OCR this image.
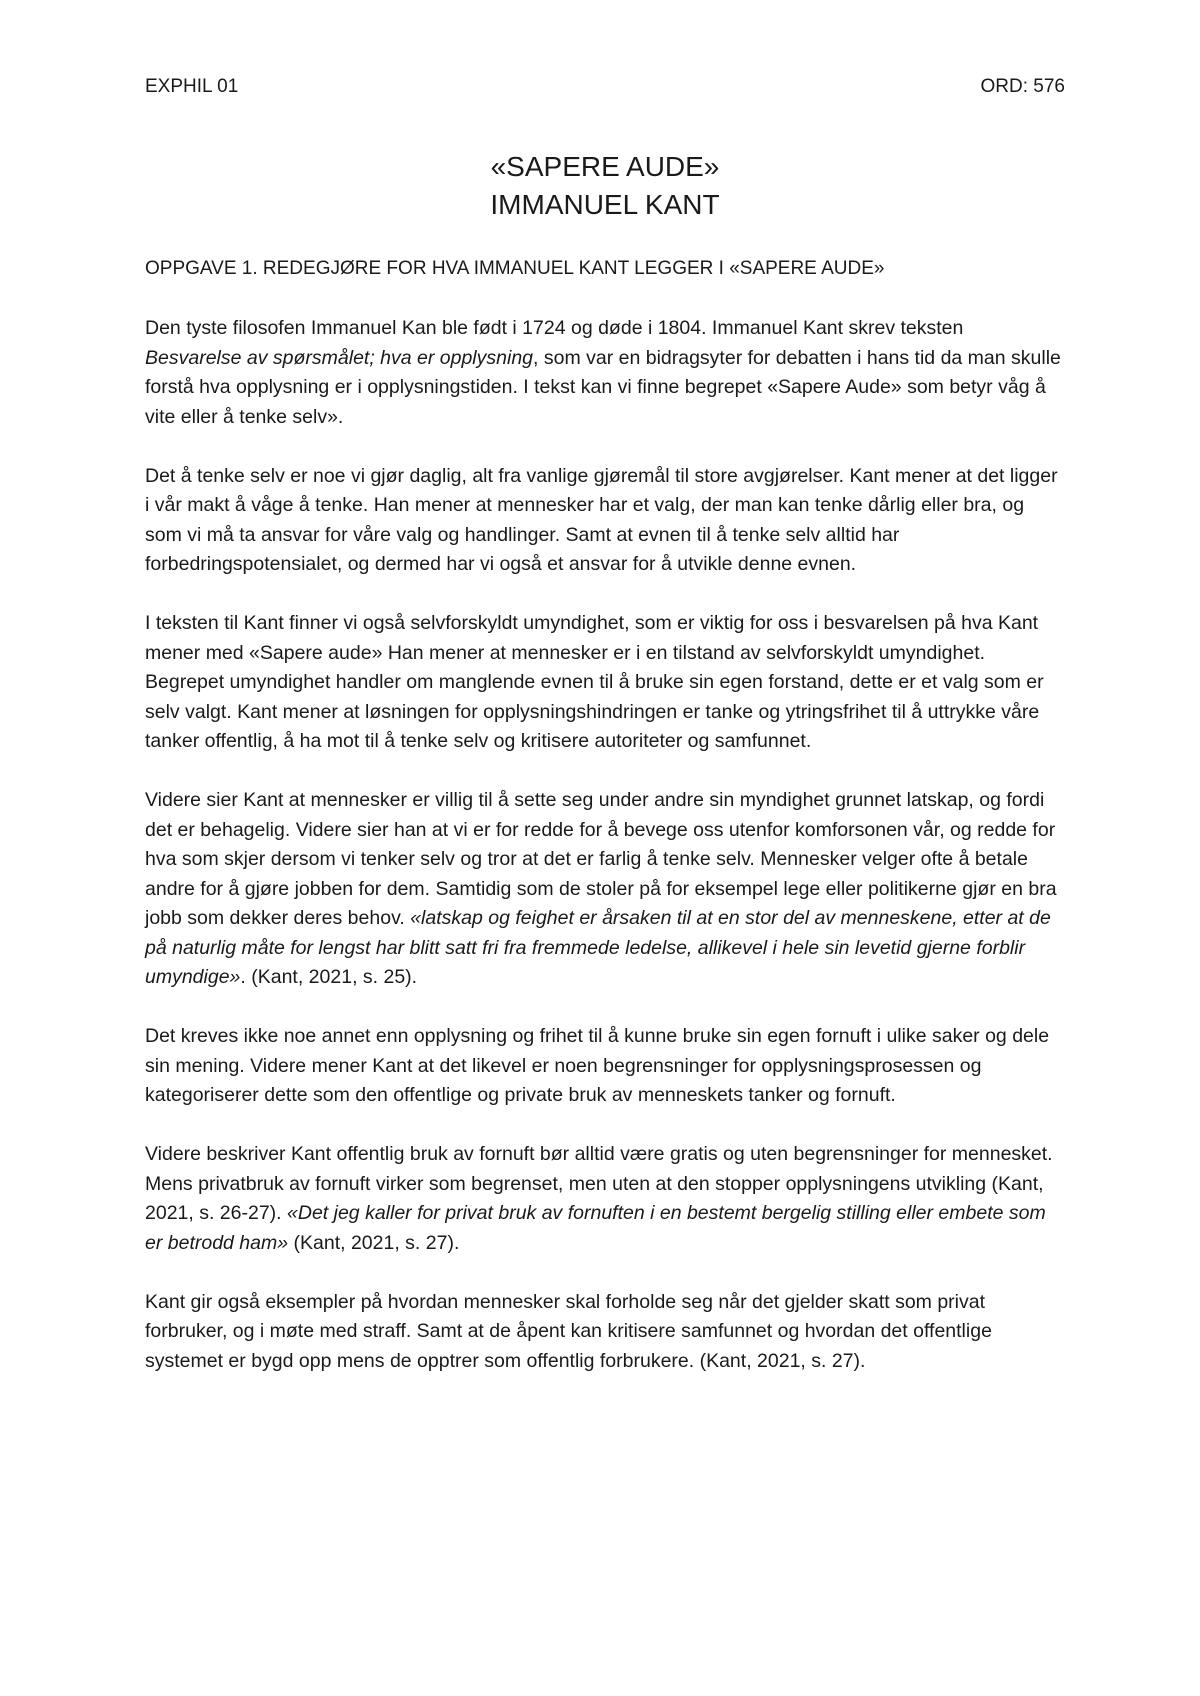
EXPHIL 01	ORD: 576
«SAPERE AUDE»
IMMANUEL KANT
OPPGAVE 1. REDEGJØRE FOR HVA IMMANUEL KANT LEGGER I «SAPERE AUDE»

Den tyste filosofen Immanuel Kan ble født i 1724 og døde i 1804. Immanuel Kant skrev teksten Besvarelse av spørsmålet; hva er opplysning, som var en bidragsyter for debatten i hans tid da man skulle forstå hva opplysning er i opplysningstiden. I tekst kan vi finne begrepet «Sapere Aude» som betyr våg å vite eller å tenke selv».

Det å tenke selv er noe vi gjør daglig, alt fra vanlige gjøremål til store avgjørelser. Kant mener at det ligger i vår makt å våge å tenke. Han mener at mennesker har et valg, der man kan tenke dårlig eller bra, og som vi må ta ansvar for våre valg og handlinger. Samt at evnen til å tenke selv alltid har forbedringspotensialet, og dermed har vi også et ansvar for å utvikle denne evnen.

I teksten til Kant finner vi også selvforskyldt umyndighet, som er viktig for oss i besvarelsen på hva Kant mener med «Sapere aude» Han mener at mennesker er i en tilstand av selvforskyldt umyndighet. Begrepet umyndighet handler om manglende evnen til å bruke sin egen forstand, dette er et valg som er selv valgt. Kant mener at løsningen for opplysningshindringen er tanke og ytringsfrihet til å uttrykke våre tanker offentlig, å ha mot til å tenke selv og kritisere autoriteter og samfunnet.

Videre sier Kant at mennesker er villig til å sette seg under andre sin myndighet grunnet latskap, og fordi det er behagelig. Videre sier han at vi er for redde for å bevege oss utenfor komforsonen vår, og redde for hva som skjer dersom vi tenker selv og tror at det er farlig å tenke selv. Mennesker velger ofte å betale andre for å gjøre jobben for dem. Samtidig som de stoler på for eksempel lege eller politikerne gjør en bra jobb som dekker deres behov. «latskap og feighet er årsaken til at en stor del av menneskene, etter at de på naturlig måte for lengst har blitt satt fri fra fremmede ledelse, allikevel i hele sin levetid gjerne forblir umyndige». (Kant, 2021, s. 25).

Det kreves ikke noe annet enn opplysning og frihet til å kunne bruke sin egen fornuft i ulike saker og dele sin mening. Videre mener Kant at det likevel er noen begrensninger for opplysningsprosessen og kategoriserer dette som den offentlige og private bruk av menneskets tanker og fornuft.

Videre beskriver Kant offentlig bruk av fornuft bør alltid være gratis og uten begrensninger for mennesket. Mens privatbruk av fornuft virker som begrenset, men uten at den stopper opplysningens utvikling (Kant, 2021, s. 26-27). «Det jeg kaller for privat bruk av fornuften i en bestemt bergelig stilling eller embete som er betrodd ham» (Kant, 2021, s. 27).

Kant gir også eksempler på hvordan mennesker skal forholde seg når det gjelder skatt som privat forbruker, og i møte med straff. Samt at de åpent kan kritisere samfunnet og hvordan det offentlige systemet er bygd opp mens de opptrer som offentlig forbrukere. (Kant, 2021, s. 27).
